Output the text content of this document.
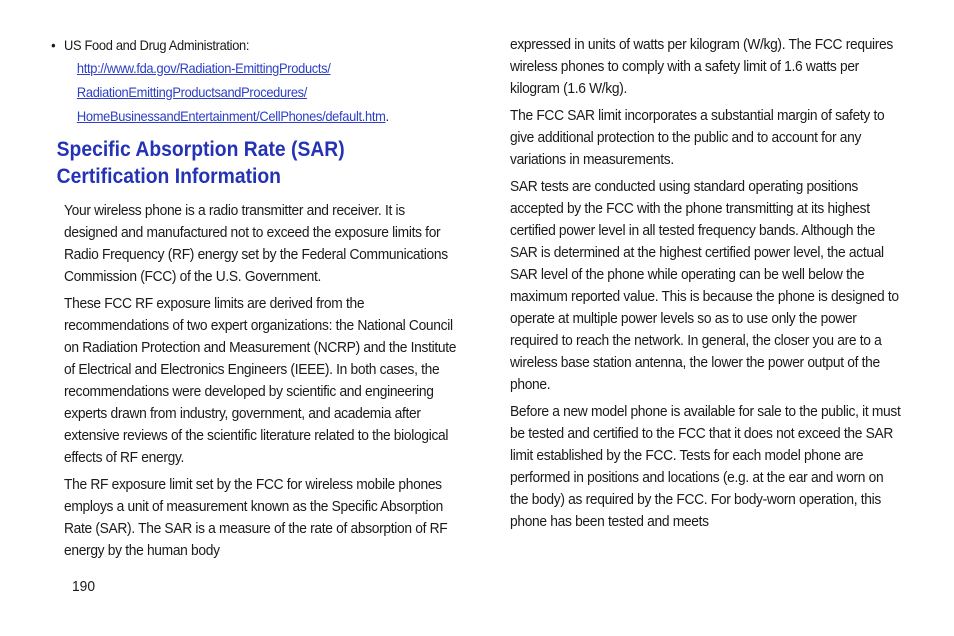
• US Food and Drug Administration:
http://www.fda.gov/Radiation-EmittingProducts/
RadiationEmittingProductsandProcedures/
HomeBusinessandEntertainment/CellPhones/default.htm.
Specific Absorption Rate (SAR)
Certification Information

Your wireless phone is a radio transmitter and receiver. It is designed and manufactured not to exceed the exposure limits for Radio Frequency (RF) energy set by the Federal Communications Commission (FCC) of the U.S. Government.

These FCC RF exposure limits are derived from the recommendations of two expert organizations: the National Council on Radiation Protection and Measurement (NCRP) and the Institute of Electrical and Electronics Engineers (IEEE). In both cases, the recommendations were developed by scientific and engineering experts drawn from industry, government, and academia after extensive reviews of the scientific literature related to the biological effects of RF energy.

The RF exposure limit set by the FCC for wireless mobile phones employs a unit of measurement known as the Specific Absorption Rate (SAR). The SAR is a measure of the rate of absorption of RF energy by the human body

expressed in units of watts per kilogram (W/kg). The FCC requires wireless phones to comply with a safety limit of 1.6 watts per kilogram (1.6 W/kg).

The FCC SAR limit incorporates a substantial margin of safety to give additional protection to the public and to account for any variations in measurements.

SAR tests are conducted using standard operating positions accepted by the FCC with the phone transmitting at its highest certified power level in all tested frequency bands. Although the SAR is determined at the highest certified power level, the actual SAR level of the phone while operating can be well below the maximum reported value. This is because the phone is designed to operate at multiple power levels so as to use only the power required to reach the network. In general, the closer you are to a wireless base station antenna, the lower the power output of the phone.

Before a new model phone is available for sale to the public, it must be tested and certified to the FCC that it does not exceed the SAR limit established by the FCC. Tests for each model phone are performed in positions and locations (e.g. at the ear and worn on the body) as required by the FCC. For body-worn operation, this phone has been tested and meets

190
